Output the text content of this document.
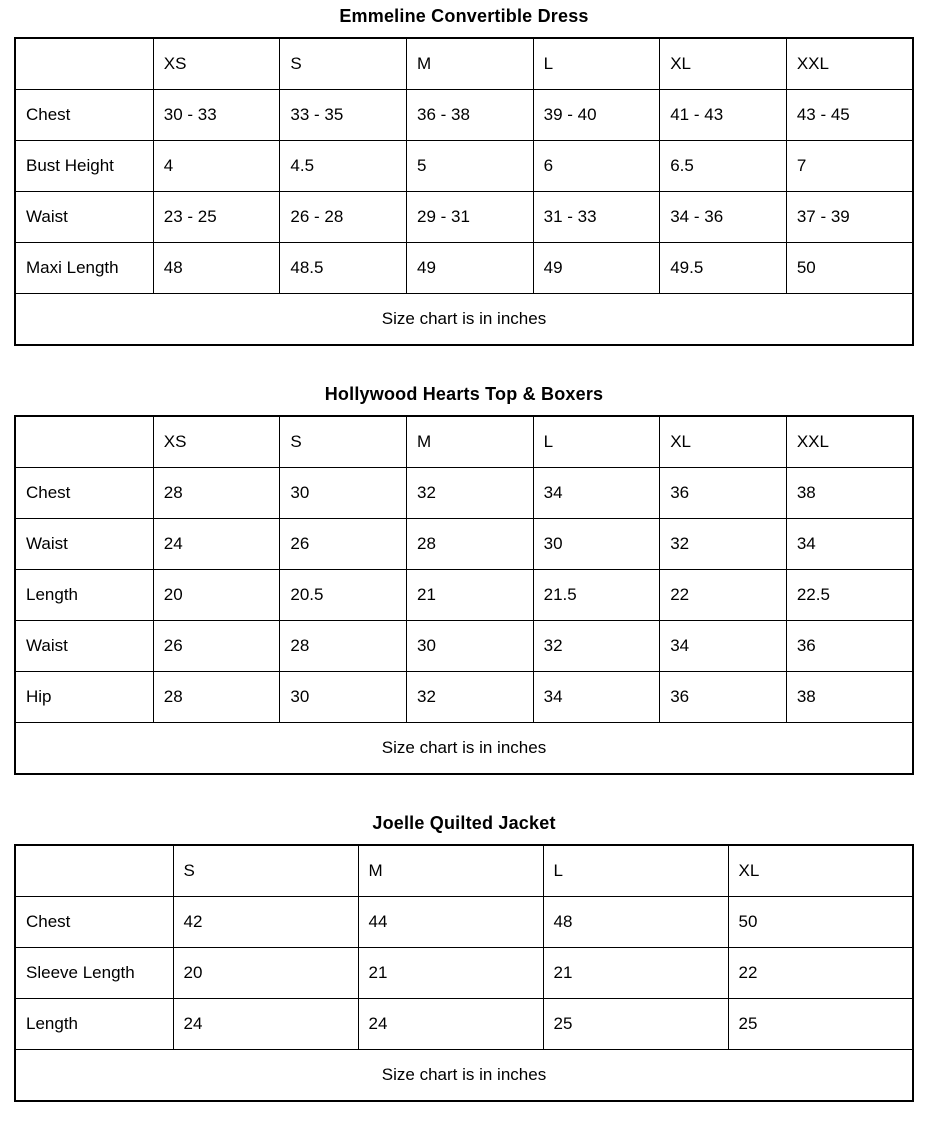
Emmeline Convertible Dress
	XS	S	M	L	XL	XXL
Chest	30 - 33	33 - 35	36 - 38	39 - 40	41 - 43	43 - 45
Bust Height	4	4.5	5	6	6.5	7
Waist	23 - 25	26 - 28	29 - 31	31 - 33	34 - 36	37 - 39
Maxi Length	48	48.5	49	49	49.5	50
Size chart is in inches						
Hollywood Hearts Top & Boxers
	XS	S	M	L	XL	XXL
Chest	28	30	32	34	36	38
Waist	24	26	28	30	32	34
Length	20	20.5	21	21.5	22	22.5
Waist	26	28	30	32	34	36
Hip	28	30	32	34	36	38
Size chart is in inches						
Joelle Quilted Jacket
	S	M	L	XL
Chest	42	44	48	50
Sleeve Length	20	21	21	22
Length	24	24	25	25
Size chart is in inches				
